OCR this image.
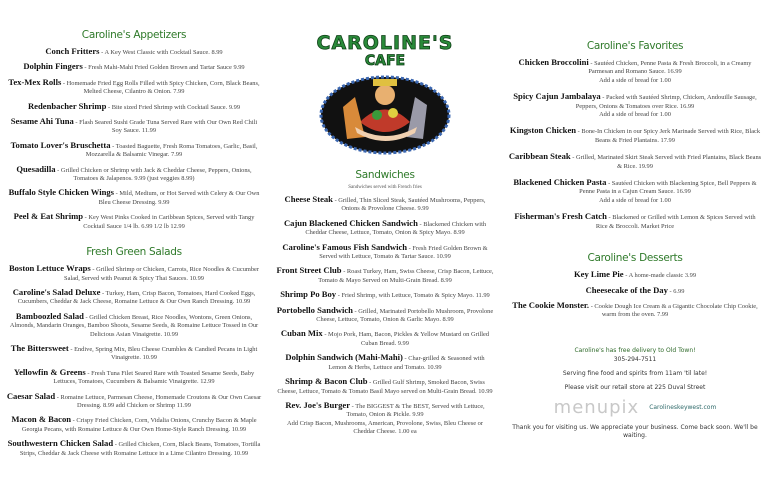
Caroline's Appetizers
Conch Fritters - A Key West Classic with Cocktail Sauce. 8.99
Dolphin Fingers - Fresh Mahi-Mahi Fried Golden Brown and Tartar Sauce 9.99
Tex-Mex Rolls - Homemade Fried Egg Rolls Filled with Spicy Chicken, Corn, Black Beans, Melted Cheese, Cilantro & Onion. 7.99
Redenbacher Shrimp - Bite sized Fried Shrimp with Cocktail Sauce. 9.99
Sesame Ahi Tuna - Flash Seared Sushi Grade Tuna Served Rare with Our Own Red Chili Soy Sauce. 11.99
Tomato Lover's Bruschetta - Toasted Baguette, Fresh Roma Tomatoes, Garlic, Basil, Mozzarella & Balsamic Vinegar. 7.99
Quesadilla - Grilled Chicken or Shrimp with Jack & Cheddar Cheese, Peppers, Onions, Tomatoes & Jalapenos. 9.99 (just veggies 8.99)
Buffalo Style Chicken Wings - Mild, Medium, or Hot Served with Celery & Our Own Bleu Cheese Dressing. 9.99
Peel & Eat Shrimp - Key West Pinks Cooked in Caribbean Spices, Served with Tangy Cocktail Sauce 1/4 lb. 6.99 1/2 lb 12.99
Fresh Green Salads
Boston Lettuce Wraps - Grilled Shrimp or Chicken, Carrots, Rice Noodles & Cucumber Salad, Served with Peanut & Spicy Thai Sauces. 10.99
Caroline's Salad Deluxe - Turkey, Ham, Crisp Bacon, Tomatoes, Hard Cooked Eggs, Cucumbers, Cheddar & Jack Cheese, Romaine Lettuce & Our Own Ranch Dressing. 10.99
Bamboozled Salad - Grilled Chicken Breast, Rice Noodles, Wontons, Green Onions, Almonds, Mandarin Oranges, Bamboo Shoots, Sesame Seeds, & Romaine Lettuce Tossed in Our Delicious Asian Vinaigrette. 10.99
The Bittersweet - Endive, Spring Mix, Bleu Cheese Crumbles & Candied Pecans in Light Vinaigrette. 10.99
Yellowfin & Greens - Fresh Tuna Filet Seared Rare with Toasted Sesame Seeds, Baby Lettuces, Tomatoes, Cucumbers & Balsamic Vinaigrette. 12.99
Caesar Salad - Romaine Lettuce, Parmesan Cheese, Homemade Croutons & Our Own Caesar Dressing. 8.99 add Chicken or Shrimp 11.99
Macon & Bacon - Crispy Fried Chicken, Corn, Vidalia Onions, Crunchy Bacon & Maple Georgia Pecans, with Romaine Lettuce & Our Own Home-Style Ranch Dressing. 10.99
Southwestern Chicken Salad - Grilled Chicken, Corn, Black Beans, Tomatoes, Tortilla Strips, Cheddar & Jack Cheese with Romaine Lettuce in a Lime Cilantro Dressing. 10.99
CAROLINE'S
CAFE
Sandwiches
Sandwiches served with French fries
Cheese Steak - Grilled, Thin Sliced Steak, Sautéed Mushrooms, Peppers, Onions & Provolone Cheese. 9.99
Cajun Blackened Chicken Sandwich - Blackened Chicken with Cheddar Cheese, Lettuce, Tomato, Onion & Spicy Mayo. 8.99
Caroline's Famous Fish Sandwich - Fresh Fried Golden Brown & Served with Lettuce, Tomato & Tartar Sauce. 10.99
Front Street Club - Roast Turkey, Ham, Swiss Cheese, Crisp Bacon, Lettuce, Tomato & Mayo Served on Multi-Grain Bread. 8.99
Shrimp Po Boy - Fried Shrimp, with Lettuce, Tomato & Spicy Mayo. 11.99
Portobello Sandwich - Grilled, Marinated Portobello Mushroom, Provolone Cheese, Lettuce, Tomato, Onion & Garlic Mayo. 8.99
Cuban Mix - Mojo Pork, Ham, Bacon, Pickles & Yellow Mustard on Grilled Cuban Bread. 9.99
Dolphin Sandwich (Mahi-Mahi) - Char-grilled & Seasoned with Lemon & Herbs, Lettuce and Tomato. 10.99
Shrimp & Bacon Club - Grilled Gulf Shrimp, Smoked Bacon, Swiss Cheese, Lettuce, Tomato & Tomato Basil Mayo served on Multi-Grain Bread. 10.99
Rev. Joe's Burger - The BIGGEST & The BEST, Served with Lettuce, Tomato, Onion & Pickle. 9.99
Add Crisp Bacon, Mushrooms, American, Provolone, Swiss, Bleu Cheese or Cheddar Cheese. 1.00 ea
Caroline's Favorites
Chicken Broccolini - Sautéed Chicken, Penne Pasta & Fresh Broccoli, in a Creamy Parmesan and Romano Sauce. 16.99
Add a side of bread for 1.00
Spicy Cajun Jambalaya - Packed with Sautéed Shrimp, Chicken, Andouille Sausage, Peppers, Onions & Tomatoes over Rice. 16.99
Add a side of bread for 1.00
Kingston Chicken - Bone-In Chicken in our Spicy Jerk Marinade Served with Rice, Black Beans & Fried Plantains. 17.99
Caribbean Steak - Grilled, Marinated Skirt Steak Served with Fried Plantains, Black Beans & Rice. 19.99
Blackened Chicken Pasta - Sautéed Chicken with Blackening Spice, Bell Peppers & Penne Pasta in a Cajun Cream Sauce. 16.99
Add a side of bread for 1.00
Fisherman's Fresh Catch - Blackened or Grilled with Lemon & Spices Served with Rice & Broccoli. Market Price
Caroline's Desserts
Key Lime Pie - A home-made classic 3.99
Cheesecake of the Day - 6.99
The Cookie Monster. - Cookie Dough Ice Cream & a Gigantic Chocolate Chip Cookie, warm from the oven. 7.99
Caroline's has free delivery to Old Town!
305-294-7511
Serving fine food and spirits from 11am 'til late!
Please visit our retail store at 225 Duval Street
menupix Carolineskeywest.com
Thank you for visiting us. We appreciate your business. Come back soon. We'll be waiting.
